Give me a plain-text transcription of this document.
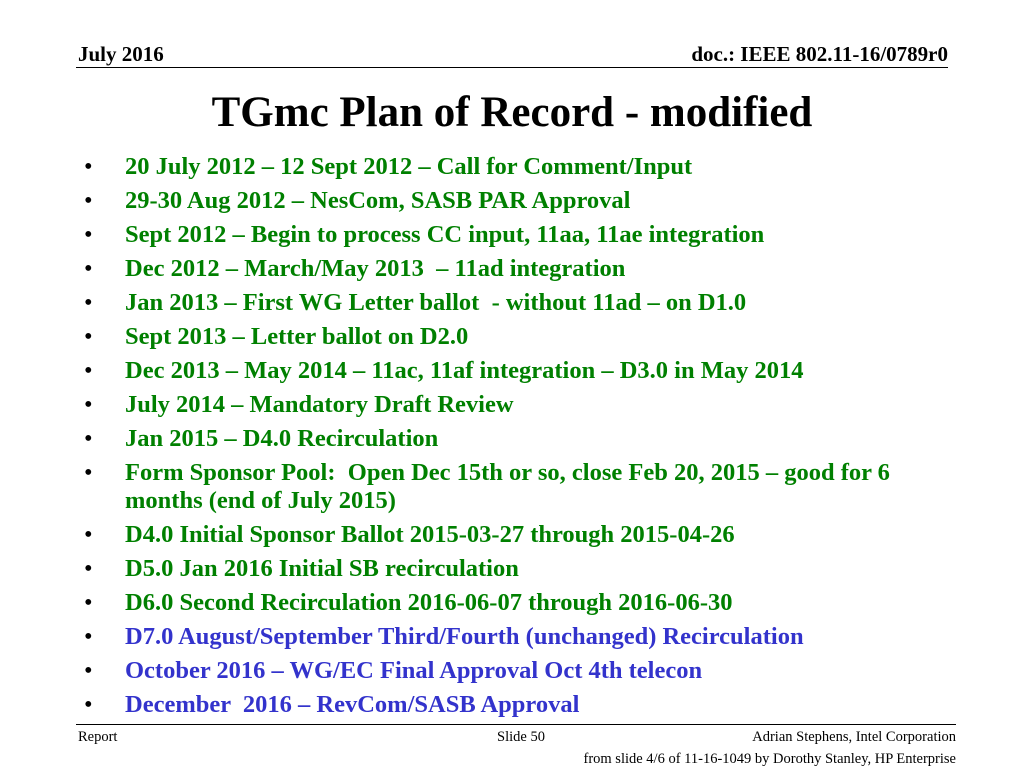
July 2016	doc.: IEEE 802.11-16/0789r0
TGmc Plan of Record - modified
•	20 July 2012 – 12 Sept 2012 – Call for Comment/Input
•	29-30 Aug 2012 – NesCom, SASB PAR Approval
•	Sept 2012 – Begin to process CC input, 11aa, 11ae integration
•	Dec 2012 – March/May 2013  – 11ad integration
•	Jan 2013 – First WG Letter ballot  - without 11ad – on D1.0
•	Sept 2013 – Letter ballot on D2.0
•	Dec 2013 – May 2014 – 11ac, 11af integration – D3.0 in May 2014
•	July 2014 – Mandatory Draft Review
•	Jan 2015 – D4.0 Recirculation
•	Form Sponsor Pool:  Open Dec 15th or so, close Feb 20, 2015 – good for 6 months (end of July 2015)
•	D4.0 Initial Sponsor Ballot 2015-03-27 through 2015-04-26
•	D5.0 Jan 2016 Initial SB recirculation
•	D6.0 Second Recirculation 2016-06-07 through 2016-06-30
•	D7.0 August/September Third/Fourth (unchanged) Recirculation
•	October 2016 – WG/EC Final Approval Oct 4th telecon
•	December  2016 – RevCom/SASB Approval
Report	Slide 50	Adrian Stephens, Intel Corporation
from slide 4/6 of 11-16-1049 by Dorothy Stanley, HP Enterprise
